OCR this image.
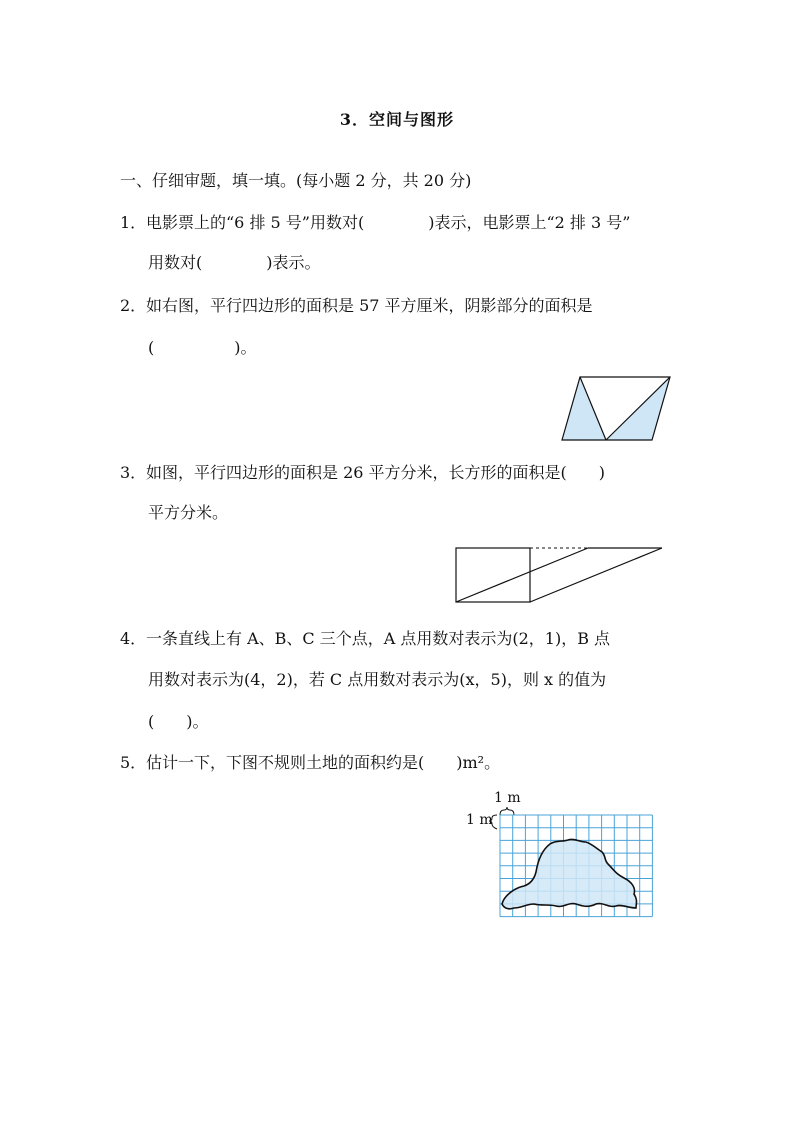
3．空间与图形
一、仔细审题，填一填。(每小题 2 分，共 20 分)
1．电影票上的“6 排 5 号”用数对(　　　　)表示，电影票上“2 排 3 号”
用数对(　　　　)表示。
2．如右图，平行四边形的面积是 57 平方厘米，阴影部分的面积是
(　　　　　)。
3．如图，平行四边形的面积是 26 平方分米，长方形的面积是(　　)
平方分米。
4．一条直线上有 A、B、C 三个点，A 点用数对表示为(2，1)，B 点
用数对表示为(4，2)，若 C 点用数对表示为(x，5)，则 x 的值为
(　　)。
5．估计一下，下图不规则土地的面积约是(　　)m²。
1 m
1 m
